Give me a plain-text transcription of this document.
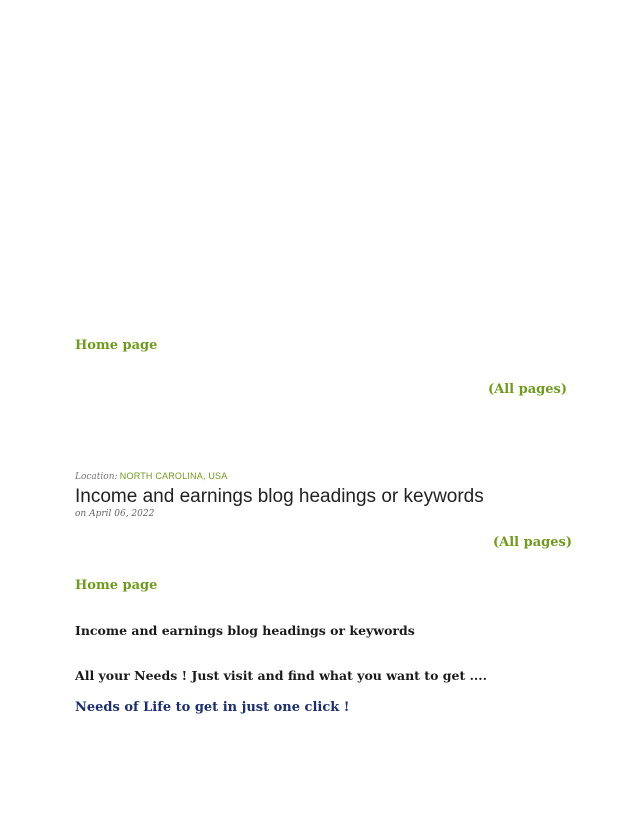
Home page
(All pages)
Location: NORTH CAROLINA, USA
Income and earnings blog headings or keywords
on April 06, 2022
(All pages)
Home page
Income and earnings blog headings or keywords
All your Needs ! Just visit and find what you want to get ....
Needs of Life to get in just one click !
